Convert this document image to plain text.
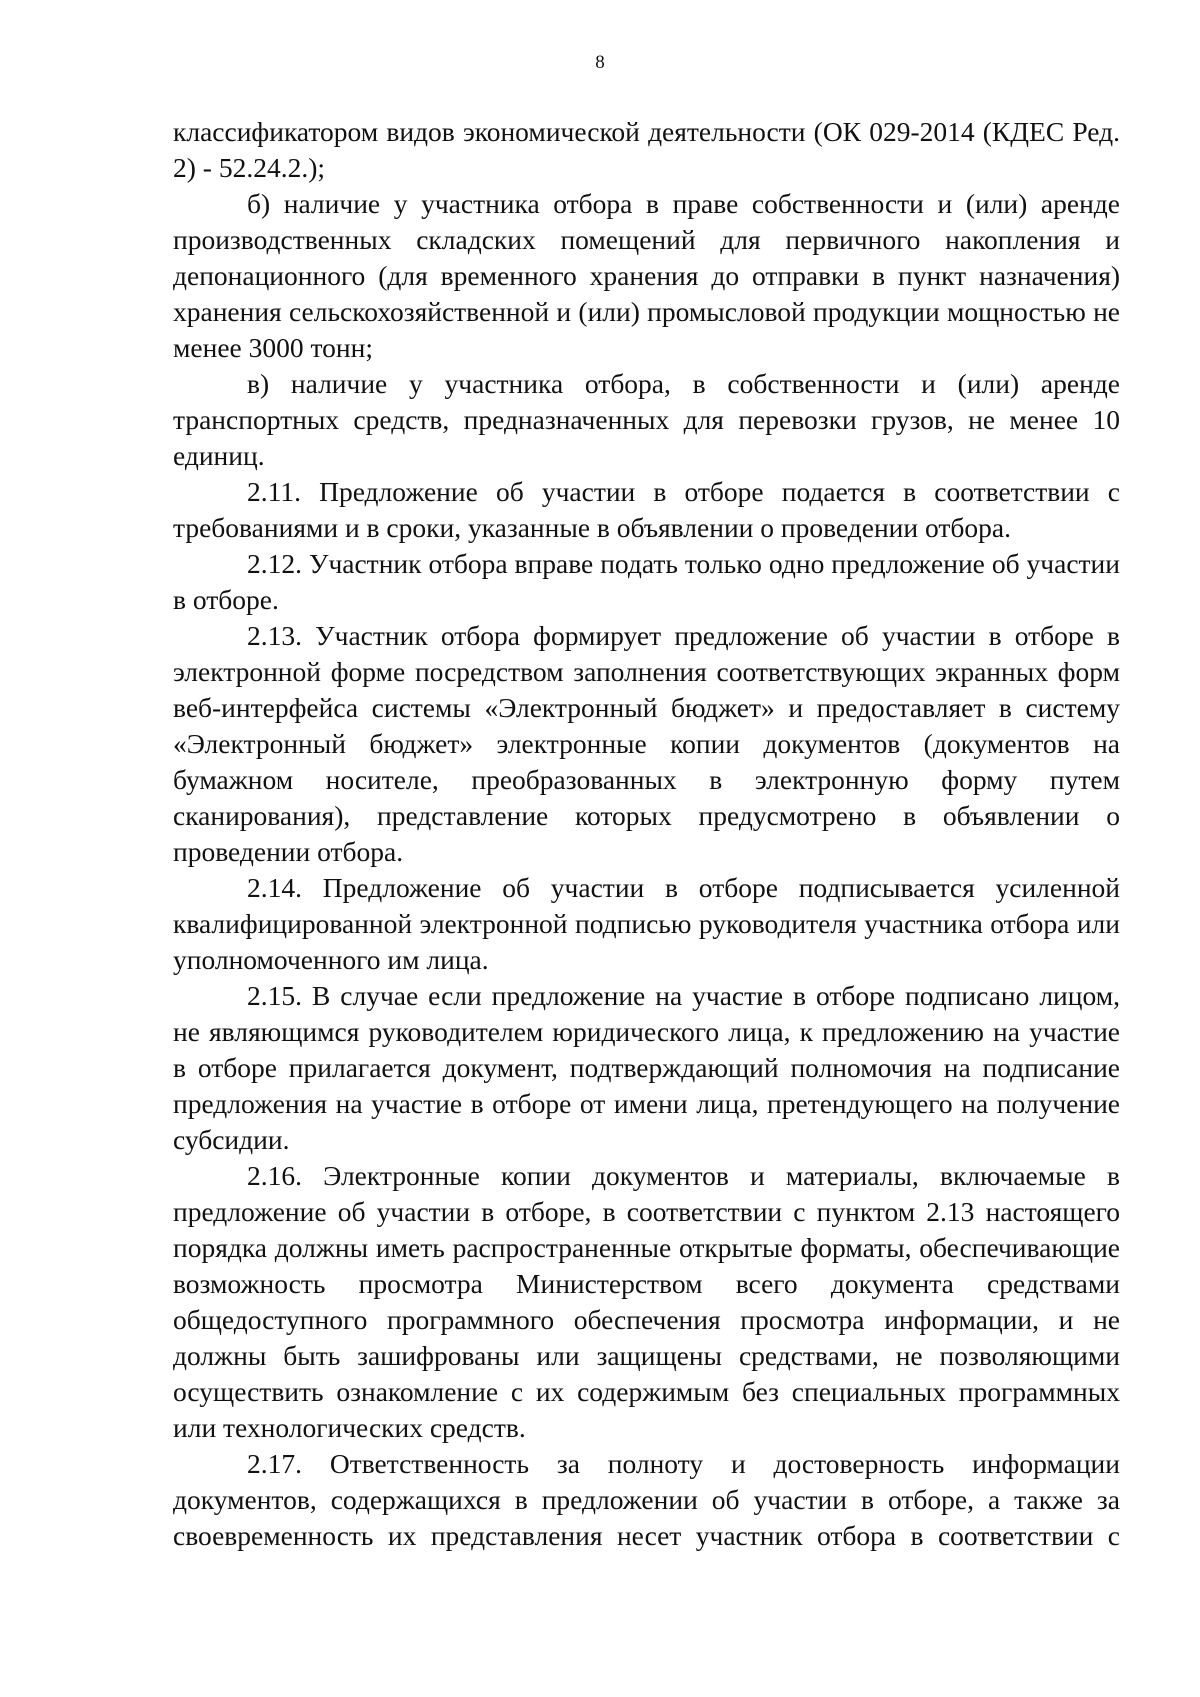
8

классификатором видов экономической деятельности (ОК 029-2014 (КДЕС Ред. 2) - 52.24.2.);

б) наличие у участника отбора в праве собственности и (или) аренде производственных складских помещений для первичного накопления и депонационного (для временного хранения до отправки в пункт назначения) хранения сельскохозяйственной и (или) промысловой продукции мощностью не менее 3000 тонн;

в) наличие у участника отбора, в собственности и (или) аренде транспортных средств, предназначенных для перевозки грузов, не менее 10 единиц.

2.11. Предложение об участии в отборе подается в соответствии с требованиями и в сроки, указанные в объявлении о проведении отбора.

2.12. Участник отбора вправе подать только одно предложение об участии в отборе.

2.13. Участник отбора формирует предложение об участии в отборе в электронной форме посредством заполнения соответствующих экранных форм веб-интерфейса системы «Электронный бюджет» и предоставляет в систему «Электронный бюджет» электронные копии документов (документов на бумажном носителе, преобразованных в электронную форму путем сканирования), представление которых предусмотрено в объявлении о проведении отбора.

2.14. Предложение об участии в отборе подписывается усиленной квалифицированной электронной подписью руководителя участника отбора или уполномоченного им лица.

2.15. В случае если предложение на участие в отборе подписано лицом, не являющимся руководителем юридического лица, к предложению на участие в отборе прилагается документ, подтверждающий полномочия на подписание предложения на участие в отборе от имени лица, претендующего на получение субсидии.

2.16. Электронные копии документов и материалы, включаемые в предложение об участии в отборе, в соответствии с пунктом 2.13 настоящего порядка должны иметь распространенные открытые форматы, обеспечивающие возможность просмотра Министерством всего документа средствами общедоступного программного обеспечения просмотра информации, и не должны быть зашифрованы или защищены средствами, не позволяющими осуществить ознакомление с их содержимым без специальных программных или технологических средств.

2.17. Ответственность за полноту и достоверность информации документов, содержащихся в предложении об участии в отборе, а также за своевременность их представления несет участник отбора в соответствии с
